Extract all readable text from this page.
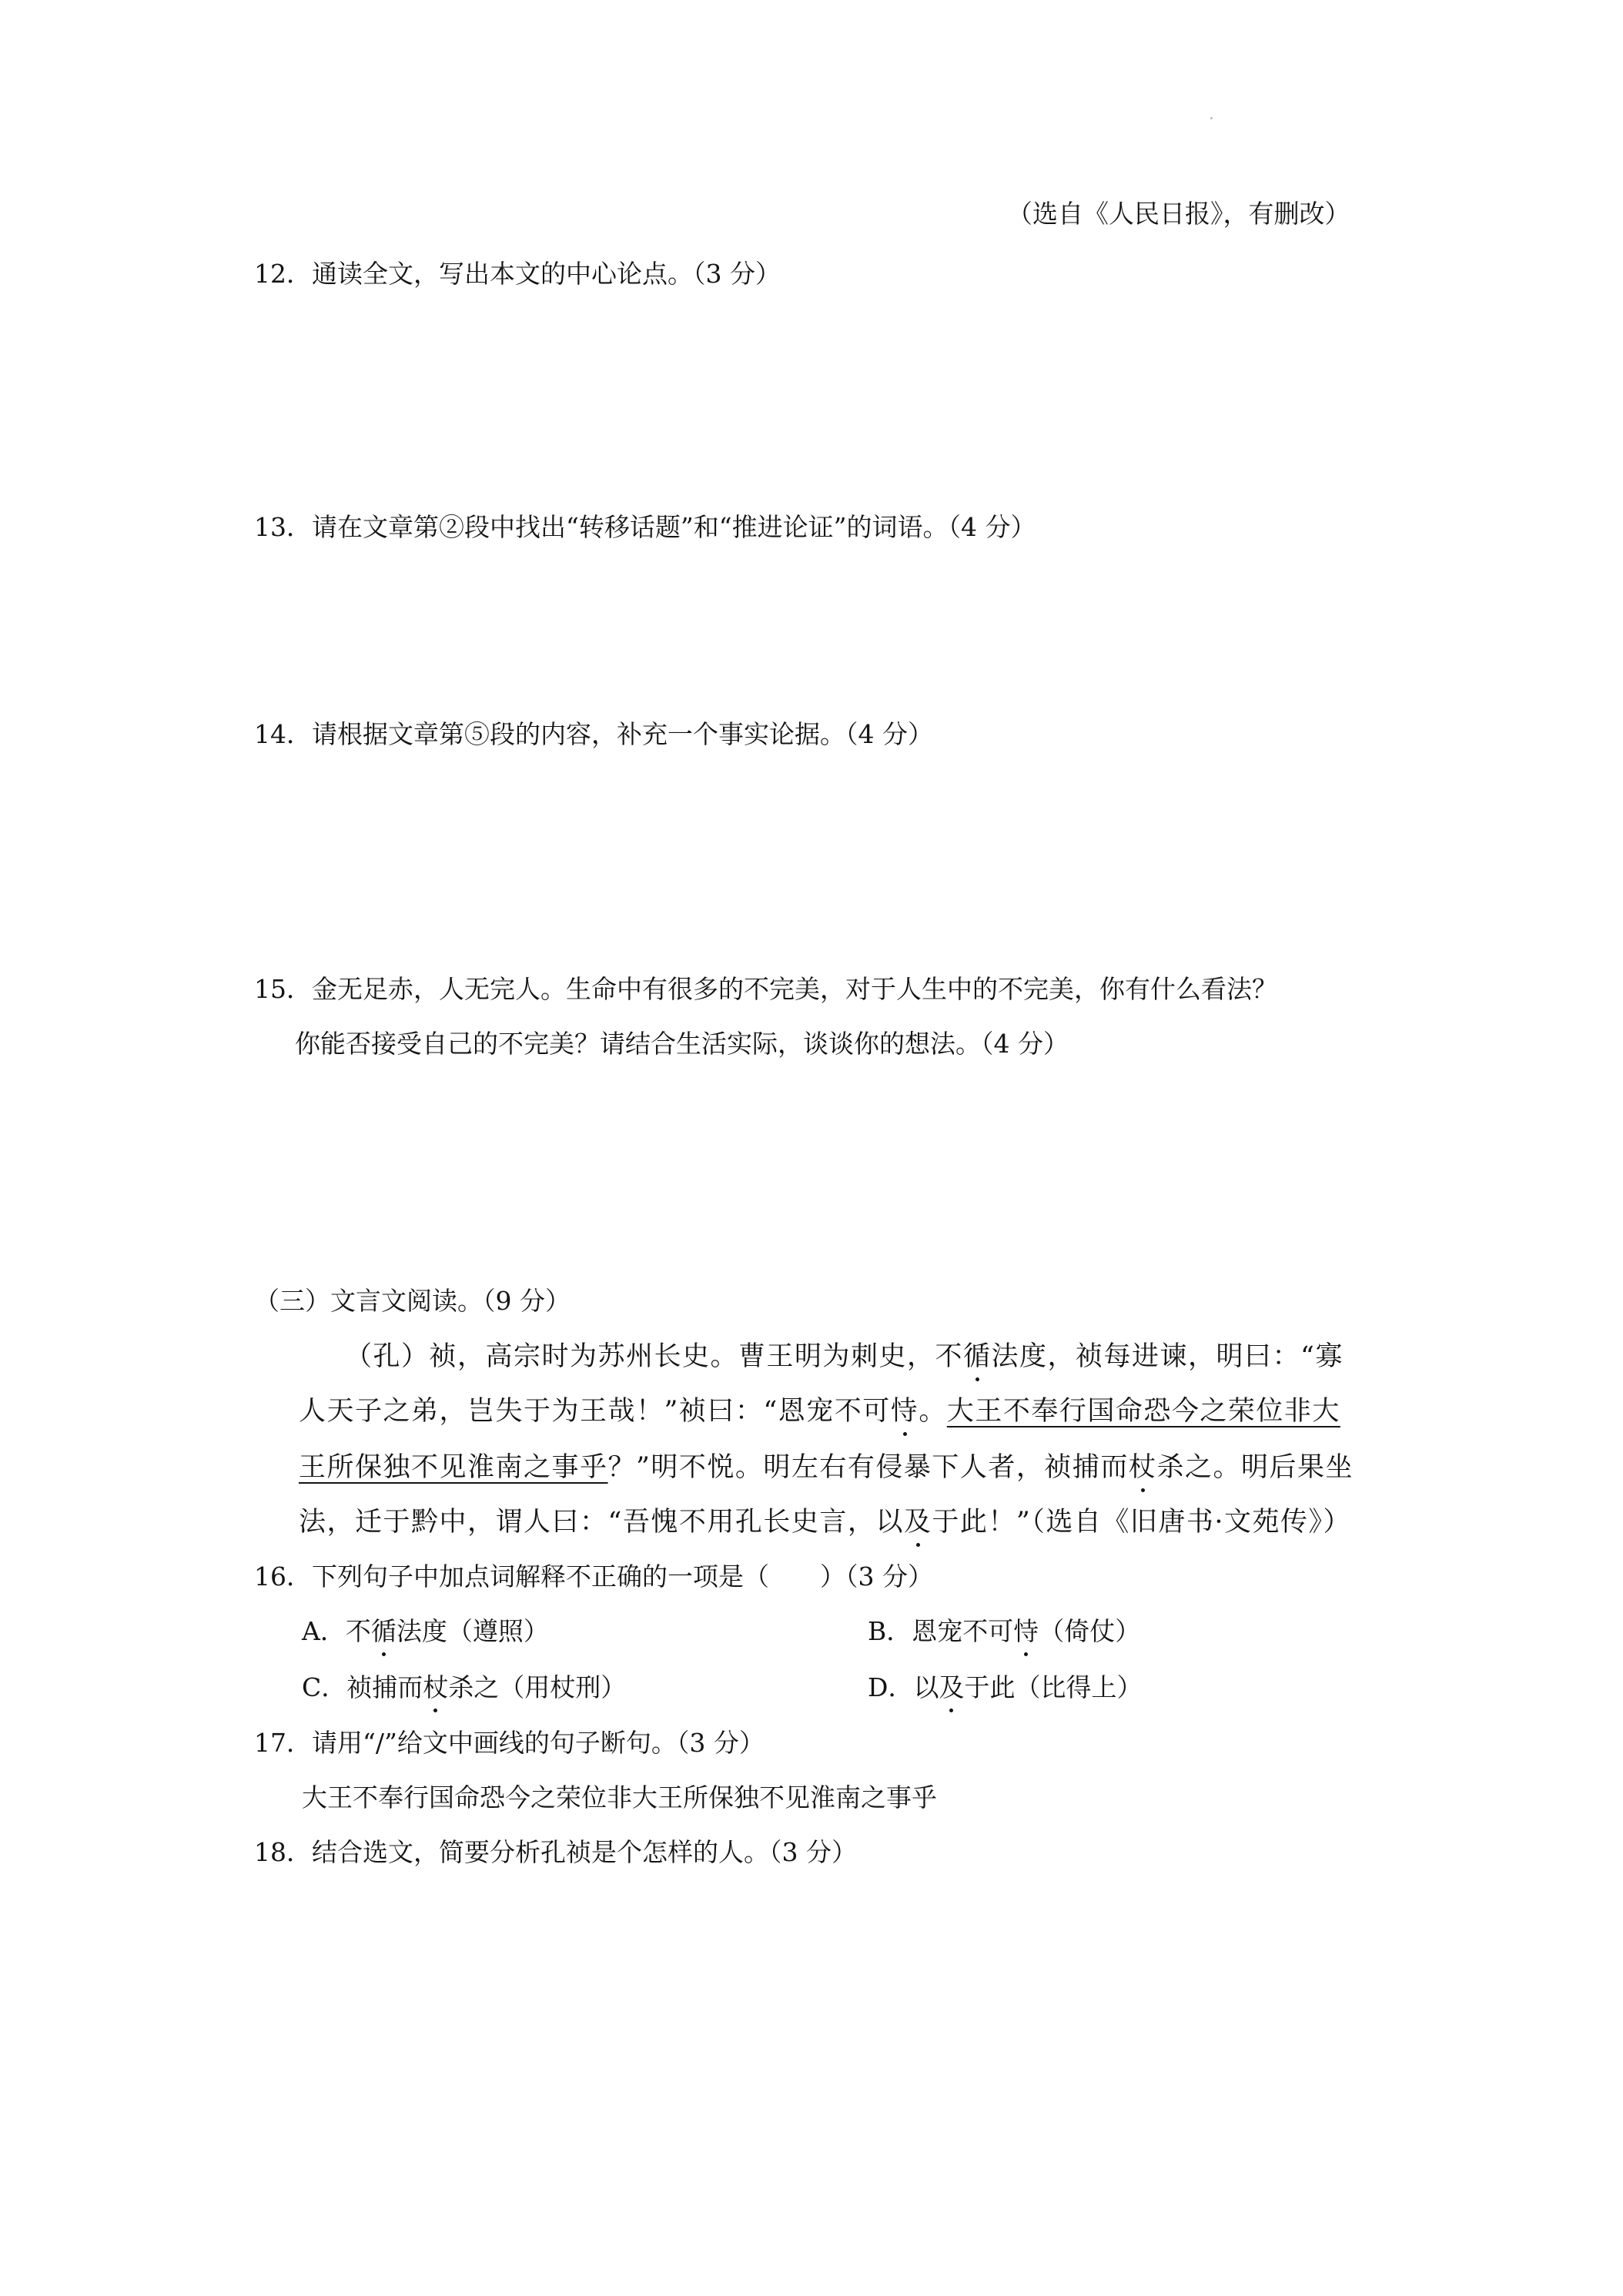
（选自《人民日报》，有删改）
12．通读全文，写出本文的中心论点。（3 分）
13．请在文章第②段中找出“转移话题”和“推进论证”的词语。（4 分）
14．请根据文章第⑤段的内容，补充一个事实论据。（4 分）
15．金无足赤，人无完人。生命中有很多的不完美，对于人生中的不完美，你有什么看法？
你能否接受自己的不完美？请结合生活实际，谈谈你的想法。（4 分）
（三）文言文阅读。（9 分）
（孔）祯，高宗时为苏州长史。曹王明为刺史，不循法度，祯每进谏，明曰：“寡
人天子之弟，岂失于为王哉！”祯曰：“恩宠不可恃。大王不奉行国命恐今之荣位非大
王所保独不见淮南之事乎？”明不悦。明左右有侵暴下人者，祯捕而杖杀之。明后果坐
法，迁于黔中，谓人曰：“吾愧不用孔长史言，以及于此！”（选自《旧唐书·文苑传》）
16．下列句子中加点词解释不正确的一项是（　　）（3 分）
A．不循法度（遵照）	B．恩宠不可恃（倚仗）
C．祯捕而杖杀之（用杖刑）	D．以及于此（比得上）
17．请用“/”给文中画线的句子断句。（3 分）
大王不奉行国命恐今之荣位非大王所保独不见淮南之事乎
18．结合选文，简要分析孔祯是个怎样的人。（3 分）
